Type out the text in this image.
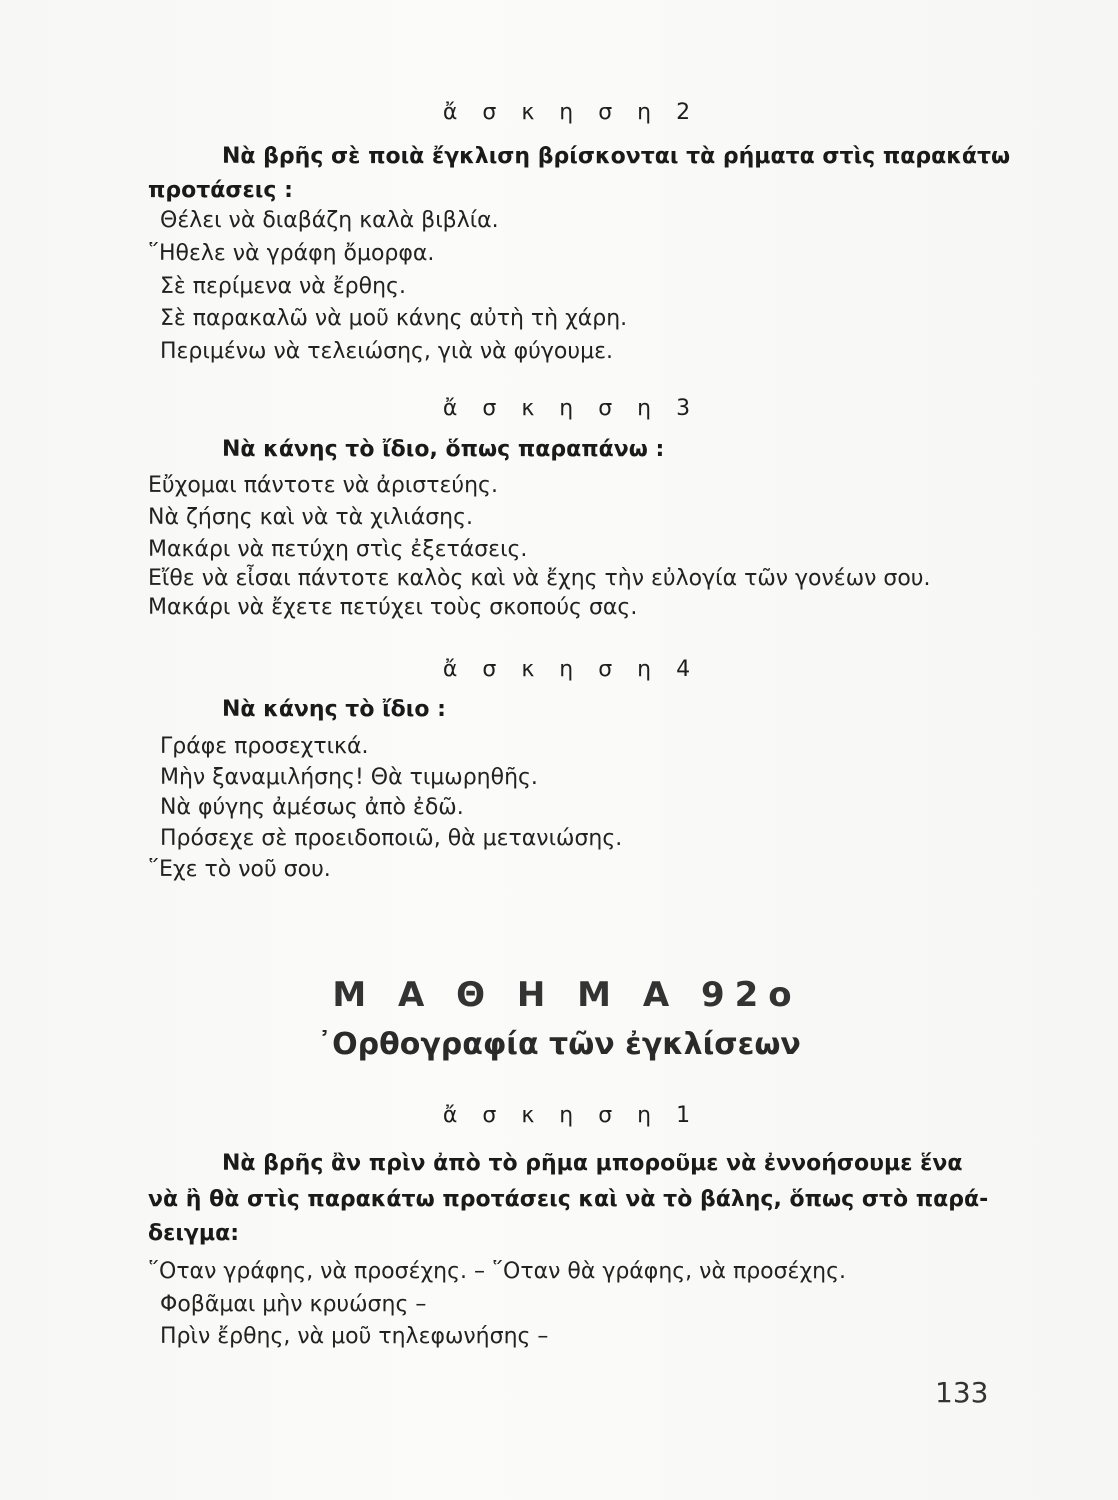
ἄ σ κ η σ η 2
Νὰ βρῆς σὲ ποιὰ ἔγκλιση βρίσκονται τὰ ρήματα στὶς παρακάτω
προτάσεις :
Θέλει νὰ διαβάζη καλὰ βιβλία.
῞Ηθελε νὰ γράφη ὄμορφα.
Σὲ περίμενα νὰ ἔρθης.
Σὲ παρακαλῶ νὰ μοῦ κάνης αὐτὴ τὴ χάρη.
Περιμένω νὰ τελειώσης, γιὰ νὰ φύγουμε.
ἄ σ κ η σ η 3
Νὰ κάνης τὸ ἴδιο, ὅπως παραπάνω :
Εὔχομαι πάντοτε νὰ ἀριστεύης.
Νὰ ζήσης καὶ νὰ τὰ χιλιάσης.
Μακάρι νὰ πετύχη στὶς ἐξετάσεις.
Εἴθε νὰ εἶσαι πάντοτε καλὸς καὶ νὰ ἔχης τὴν εὐλογία τῶν γονέων σου.
Μακάρι νὰ ἔχετε πετύχει τοὺς σκοπούς σας.
ἄ σ κ η σ η 4
Νὰ κάνης τὸ ἴδιο :
Γράφε προσεχτικά.
Μὴν ξαναμιλήσης! Θὰ τιμωρηθῆς.
Νὰ φύγης ἀμέσως ἀπὸ ἐδῶ.
Πρόσεχε σὲ προειδοποιῶ, θὰ μετανιώσης.
῞Εχε τὸ νοῦ σου.
Μ Α Θ Η Μ Α 92ο
᾿Ορθογραφία τῶν ἐγκλίσεων
ἄ σ κ η σ η 1
Νὰ βρῆς ἂν πρὶν ἀπὸ τὸ ρῆμα μποροῦμε νὰ ἐννοήσουμε ἕνα
νὰ ἢ θὰ στὶς παρακάτω προτάσεις καὶ νὰ τὸ βάλης, ὅπως στὸ παρά-
δειγμα:
῞Οταν γράφης, νὰ προσέχης. – ῞Οταν θὰ γράφης, νὰ προσέχης.
Φοβᾶμαι μὴν κρυώσης –
Πρὶν ἔρθης, νὰ μοῦ τηλεφωνήσης –
133
